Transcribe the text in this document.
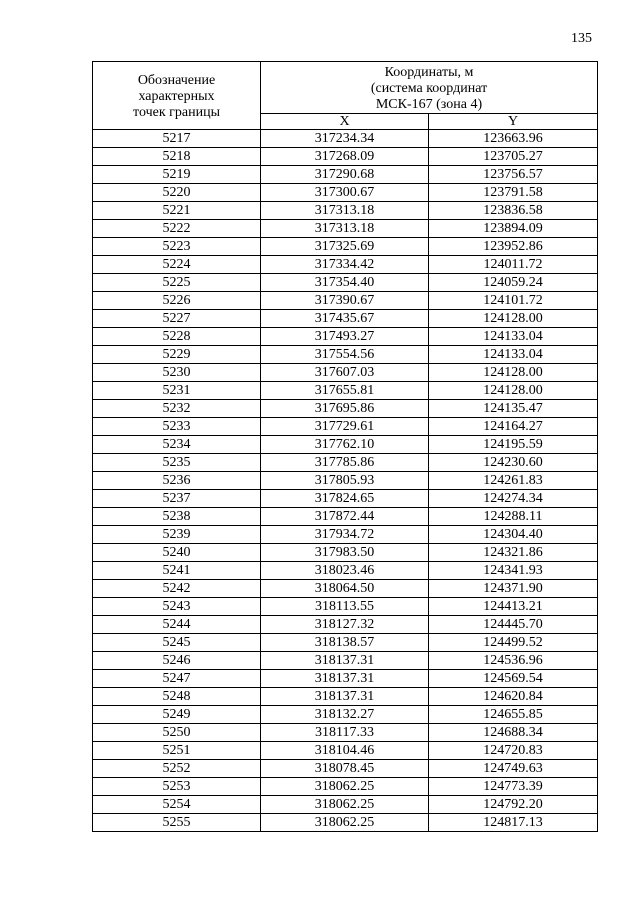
135
Обозначение
характерных
точек границы	Координаты, м
(система координат
МСК-167 (зона 4)	
	X	Y
5217	317234.34	123663.96
5218	317268.09	123705.27
5219	317290.68	123756.57
5220	317300.67	123791.58
5221	317313.18	123836.58
5222	317313.18	123894.09
5223	317325.69	123952.86
5224	317334.42	124011.72
5225	317354.40	124059.24
5226	317390.67	124101.72
5227	317435.67	124128.00
5228	317493.27	124133.04
5229	317554.56	124133.04
5230	317607.03	124128.00
5231	317655.81	124128.00
5232	317695.86	124135.47
5233	317729.61	124164.27
5234	317762.10	124195.59
5235	317785.86	124230.60
5236	317805.93	124261.83
5237	317824.65	124274.34
5238	317872.44	124288.11
5239	317934.72	124304.40
5240	317983.50	124321.86
5241	318023.46	124341.93
5242	318064.50	124371.90
5243	318113.55	124413.21
5244	318127.32	124445.70
5245	318138.57	124499.52
5246	318137.31	124536.96
5247	318137.31	124569.54
5248	318137.31	124620.84
5249	318132.27	124655.85
5250	318117.33	124688.34
5251	318104.46	124720.83
5252	318078.45	124749.63
5253	318062.25	124773.39
5254	318062.25	124792.20
5255	318062.25	124817.13
